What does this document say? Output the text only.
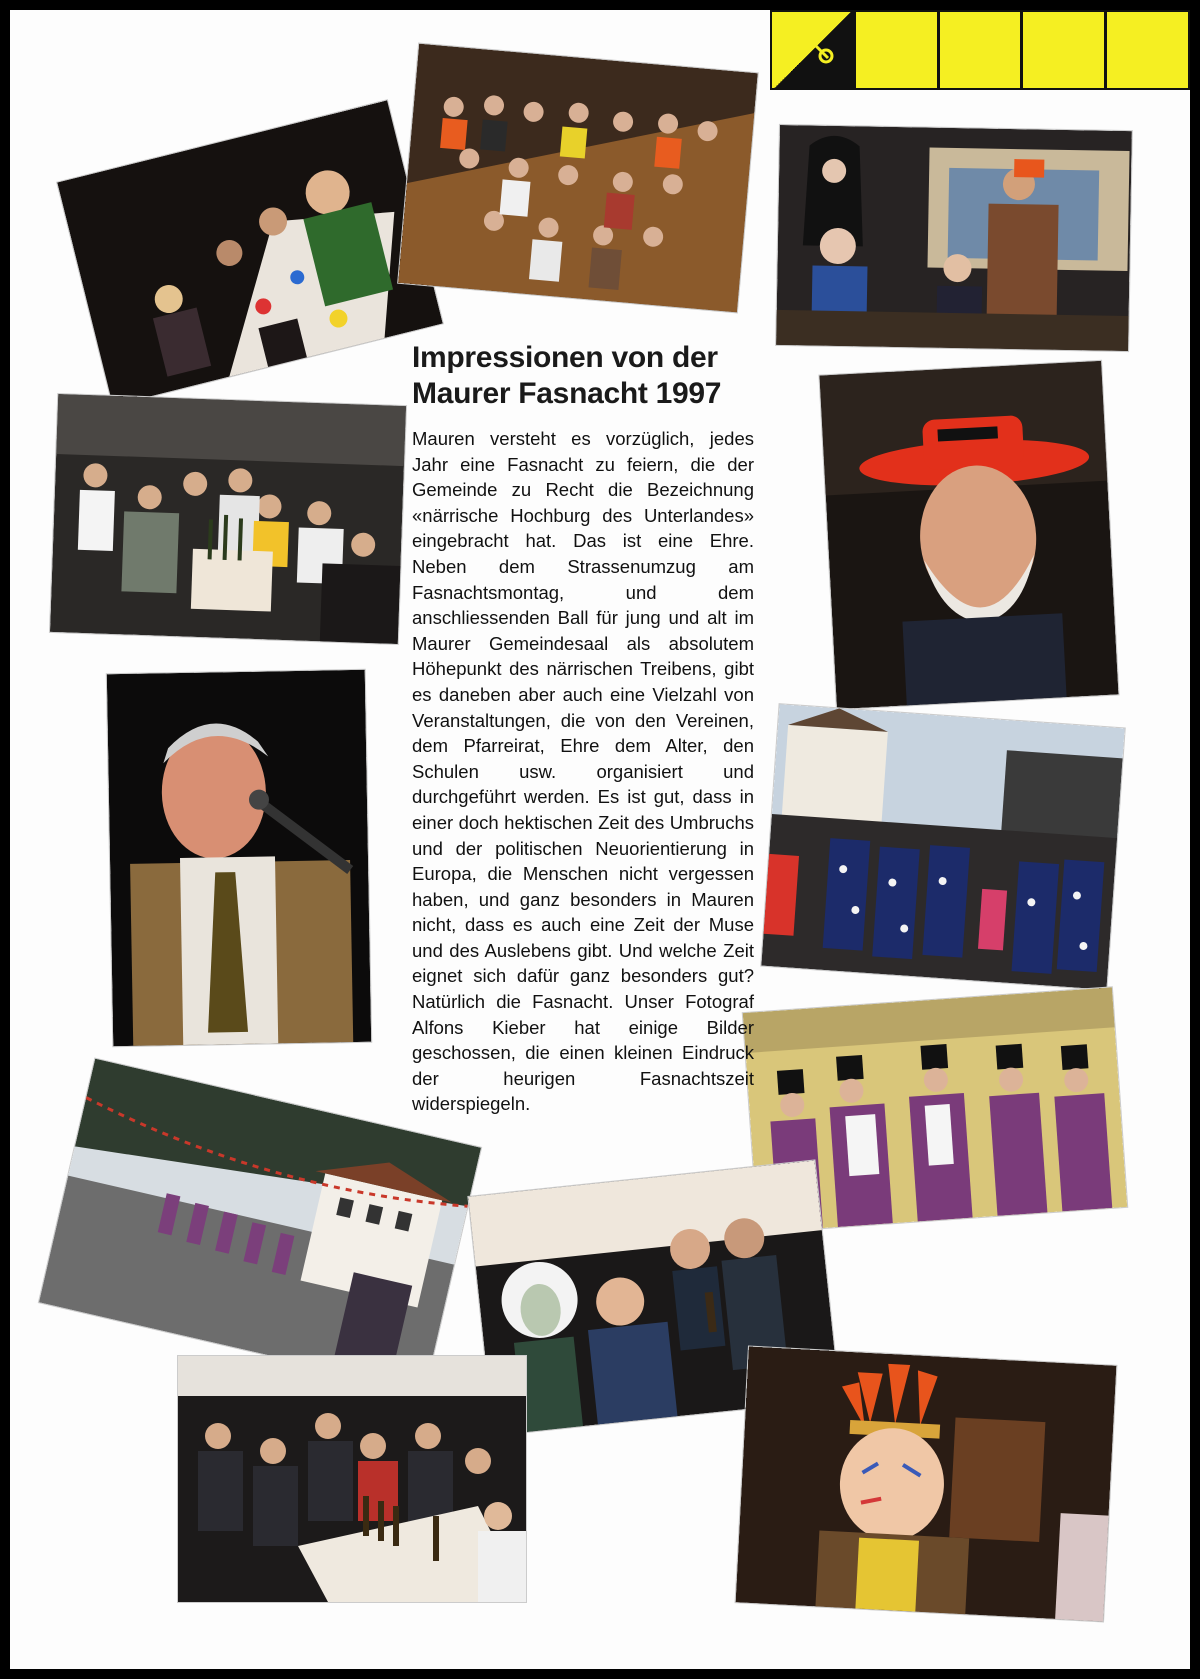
Impressionen von der
Maurer Fasnacht 1997

Mauren versteht es vorzüglich, jedes Jahr eine Fasnacht zu feiern, die der Gemeinde zu Recht die Bezeichnung «närrische Hochburg des Unterlandes» eingebracht hat. Das ist eine Ehre. Neben dem Strassenumzug am Fasnachtsmontag, und dem anschliessenden Ball für jung und alt im Maurer Gemeindesaal als absolutem Höhepunkt des närrischen Treibens, gibt es daneben aber auch eine Vielzahl von Veranstaltungen, die von den Vereinen, dem Pfarreirat, Ehre dem Alter, den Schulen usw. organisiert und durchgeführt werden. Es ist gut, dass in einer doch hektischen Zeit des Umbruchs und der politischen Neuorientierung in Europa, die Menschen nicht vergessen haben, und ganz besonders in Mauren nicht, dass es auch eine Zeit der Muse und des Auslebens gibt. Und welche Zeit eignet sich dafür ganz besonders gut? Natürlich die Fasnacht. Unser Fotograf Alfons Kieber hat einige Bilder geschossen, die einen kleinen Eindruck der heurigen Fasnachtszeit widerspiegeln.
